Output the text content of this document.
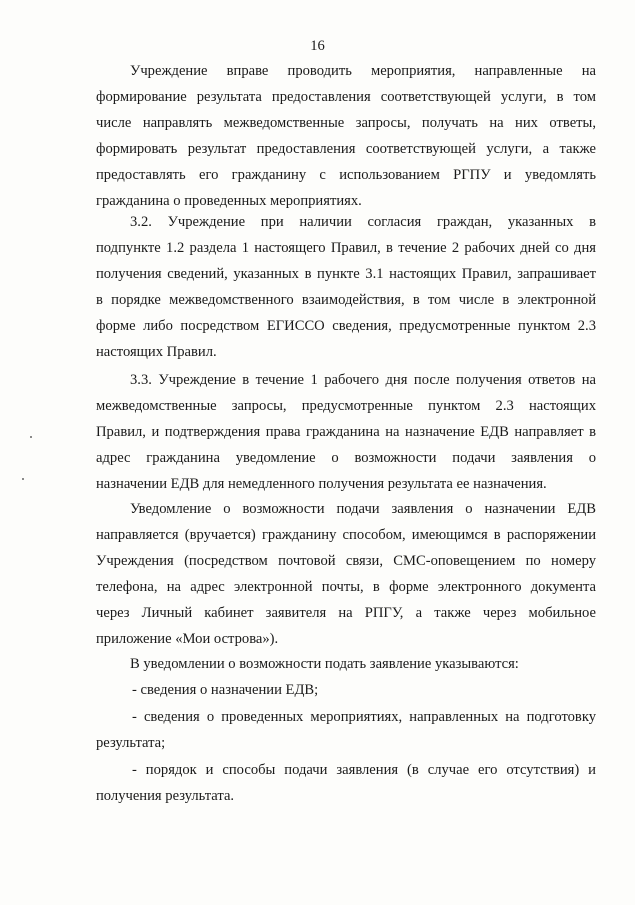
16
Учреждение вправе проводить мероприятия, направленные на
формирование результата предоставления соответствующей услуги, в том
числе направлять межведомственные запросы, получать на них ответы,
формировать результат предоставления соответствующей услуги, а также
предоставлять его гражданину с использованием РГПУ и уведомлять
гражданина о проведенных мероприятиях.
3.2. Учреждение при наличии согласия граждан, указанных в
подпункте 1.2 раздела 1 настоящего Правил, в течение 2 рабочих дней со дня
получения сведений, указанных в пункте 3.1 настоящих Правил, запрашивает
в порядке межведомственного взаимодействия, в том числе в электронной
форме либо посредством ЕГИССО сведения, предусмотренные пунктом 2.3
настоящих Правил.
3.3. Учреждение в течение 1 рабочего дня после получения ответов на
межведомственные запросы, предусмотренные пунктом 2.3 настоящих
Правил, и подтверждения права гражданина на назначение ЕДВ направляет в
адрес гражданина уведомление о возможности подачи заявления о
назначении ЕДВ для немедленного получения результата ее назначения.
Уведомление о возможности подачи заявления о назначении ЕДВ
направляется (вручается) гражданину способом, имеющимся в распоряжении
Учреждения (посредством почтовой связи, СМС-оповещением по номеру
телефона, на адрес электронной почты, в форме электронного документа
через Личный кабинет заявителя на РПГУ, а также через мобильное
приложение «Мои острова»).
В уведомлении о возможности подать заявление указываются:
- сведения о назначении ЕДВ;
- сведения о проведенных мероприятиях, направленных на подготовку
результата;
- порядок и способы подачи заявления (в случае его отсутствия) и
получения результата.
